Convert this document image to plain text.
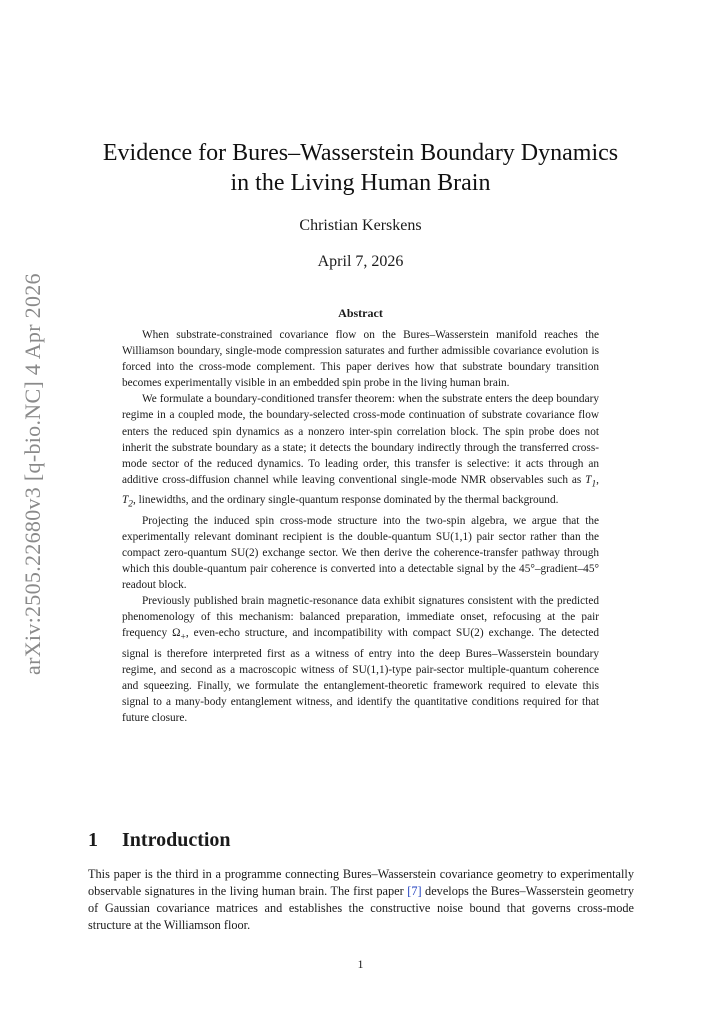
arXiv:2505.22680v3 [q-bio.NC] 4 Apr 2026
Evidence for Bures–Wasserstein Boundary Dynamics
in the Living Human Brain
Christian Kerskens
April 7, 2026
Abstract

When substrate-constrained covariance flow on the Bures–Wasserstein manifold reaches the Williamson boundary, single-mode compression saturates and further admissible covariance evolution is forced into the cross-mode complement. This paper derives how that substrate boundary transition becomes experimentally visible in an embedded spin probe in the living human brain.

We formulate a boundary-conditioned transfer theorem: when the substrate enters the deep boundary regime in a coupled mode, the boundary-selected cross-mode continuation of substrate covariance flow enters the reduced spin dynamics as a nonzero inter-spin correlation block. The spin probe does not inherit the substrate boundary as a state; it detects the boundary indirectly through the transferred cross-mode sector of the reduced dynamics. To leading order, this transfer is selective: it acts through an additive cross-diffusion channel while leaving conventional single-mode NMR observables such as $T_1$, $T_2$, linewidths, and the ordinary single-quantum response dominated by the thermal background.

Projecting the induced spin cross-mode structure into the two-spin algebra, we argue that the experimentally relevant dominant recipient is the double-quantum SU(1,1) pair sector rather than the compact zero-quantum SU(2) exchange sector. We then derive the coherence-transfer pathway through which this double-quantum pair coherence is converted into a detectable signal by the 45°–gradient–45° readout block.

Previously published brain magnetic-resonance data exhibit signatures consistent with the predicted phenomenology of this mechanism: balanced preparation, immediate onset, refocusing at the pair frequency $\Omega_+$, even-echo structure, and incompatibility with compact SU(2) exchange. The detected signal is therefore interpreted first as a witness of entry into the deep Bures–Wasserstein boundary regime, and second as a macroscopic witness of SU(1,1)-type pair-sector multiple-quantum coherence and squeezing. Finally, we formulate the entanglement-theoretic framework required to elevate this signal to a many-body entanglement witness, and identify the quantitative conditions required for that future closure.

1 Introduction

This paper is the third in a programme connecting Bures–Wasserstein covariance geometry to experimentally observable signatures in the living human brain. The first paper [7] develops the Bures–Wasserstein geometry of Gaussian covariance matrices and establishes the constructive noise bound that governs cross-mode structure at the Williamson floor.

1
